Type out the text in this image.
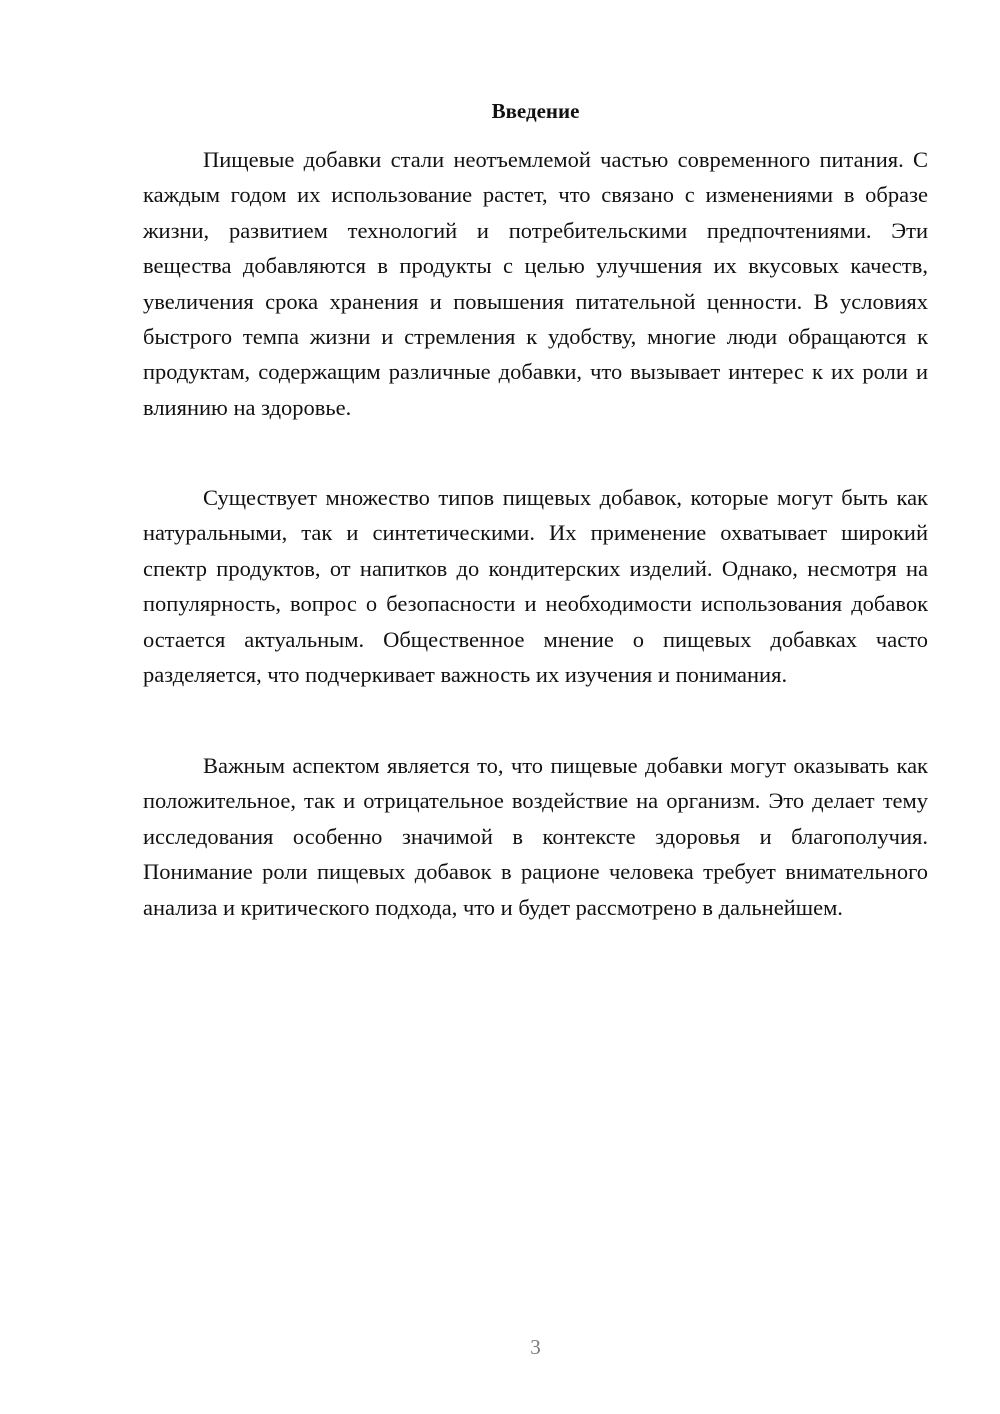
Введение

Пищевые добавки стали неотъемлемой частью современного питания. С каждым годом их использование растет, что связано с изменениями в образе жизни, развитием технологий и потребительскими предпочтениями. Эти вещества добавляются в продукты с целью улучшения их вкусовых качеств, увеличения срока хранения и повышения питательной ценности. В условиях быстрого темпа жизни и стремления к удобству, многие люди обращаются к продуктам, содержащим различные добавки, что вызывает интерес к их роли и влиянию на здоровье.

Существует множество типов пищевых добавок, которые могут быть как натуральными, так и синтетическими. Их применение охватывает широкий спектр продуктов, от напитков до кондитерских изделий. Однако, несмотря на популярность, вопрос о безопасности и необходимости использования добавок остается актуальным. Общественное мнение о пищевых добавках часто разделяется, что подчеркивает важность их изучения и понимания.

Важным аспектом является то, что пищевые добавки могут оказывать как положительное, так и отрицательное воздействие на организм. Это делает тему исследования особенно значимой в контексте здоровья и благополучия. Понимание роли пищевых добавок в рационе человека требует внимательного анализа и критического подхода, что и будет рассмотрено в дальнейшем.

3
